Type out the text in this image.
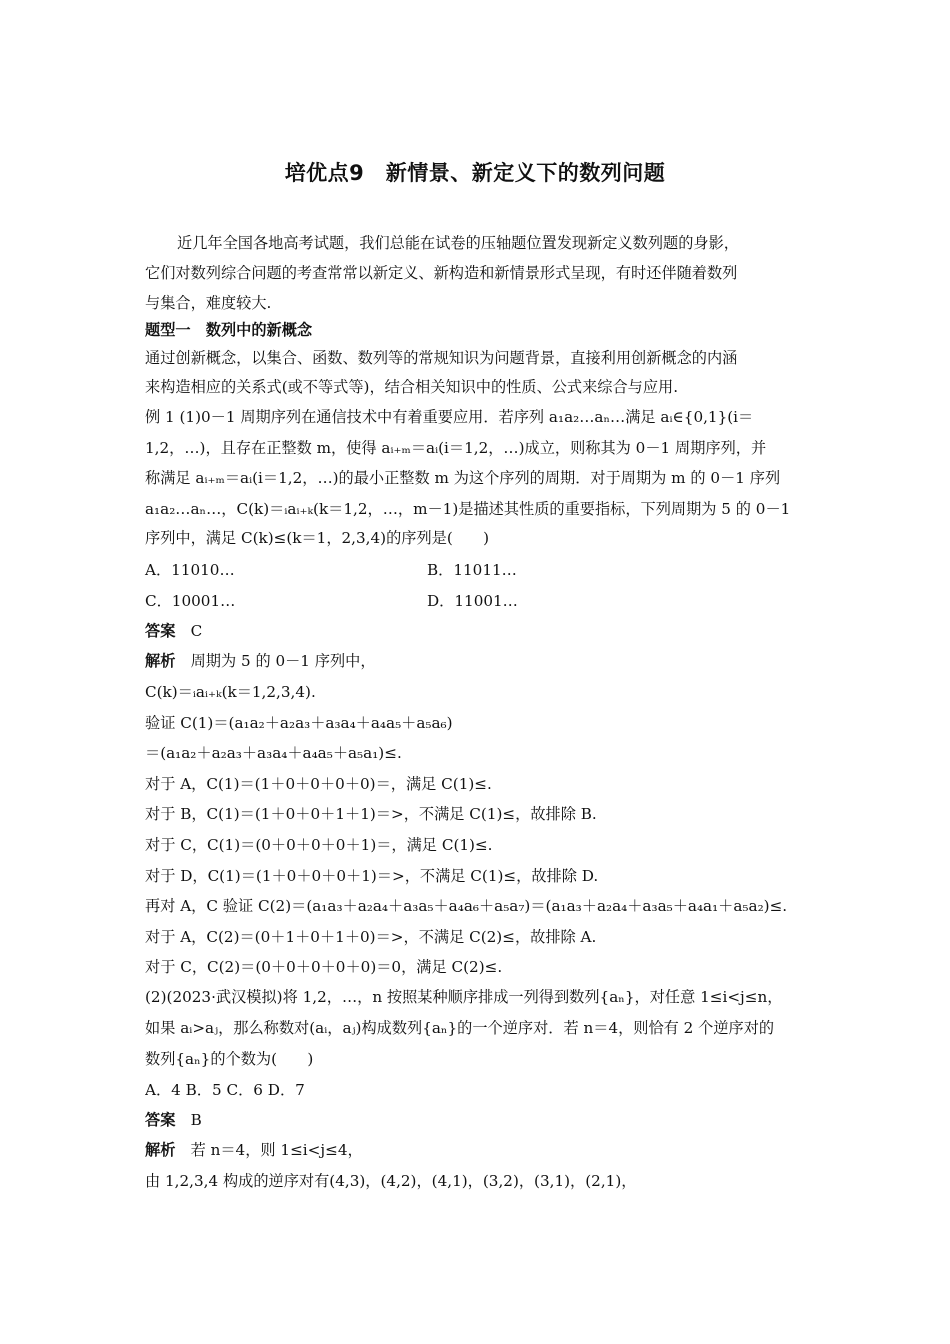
培优点9　新情景、新定义下的数列问题
近几年全国各地高考试题，我们总能在试卷的压轴题位置发现新定义数列题的身影，
它们对数列综合问题的考查常常以新定义、新构造和新情景形式呈现，有时还伴随着数列
与集合，难度较大.
题型一　数列中的新概念
通过创新概念，以集合、函数、数列等的常规知识为问题背景，直接利用创新概念的内涵
来构造相应的关系式(或不等式等)，结合相关知识中的性质、公式来综合与应用.
例 1 (1)0－1 周期序列在通信技术中有着重要应用．若序列 a₁a₂…aₙ…满足 aᵢ∈{0,1}(i＝
1,2，…)，且存在正整数 m，使得 aᵢ₊ₘ＝aᵢ(i＝1,2，…)成立，则称其为 0－1 周期序列，并
称满足 aᵢ₊ₘ＝aᵢ(i＝1,2，…)的最小正整数 m 为这个序列的周期．对于周期为 m 的 0－1 序列
a₁a₂…aₙ…，C(k)＝ᵢaᵢ₊ₖ(k＝1,2，…，m－1)是描述其性质的重要指标，下列周期为 5 的 0－1
序列中，满足 C(k)≤(k＝1，2,3,4)的序列是(　　)
A．11010…	B．11011…
C．10001…	D．11001…
答案　 C
解析　 周期为 5 的 0－1 序列中，
C(k)＝ᵢaᵢ₊ₖ(k＝1,2,3,4).
验证 C(1)＝(a₁a₂＋a₂a₃＋a₃a₄＋a₄a₅＋a₅a₆)
＝(a₁a₂＋a₂a₃＋a₃a₄＋a₄a₅＋a₅a₁)≤.
对于 A，C(1)＝(1＋0＋0＋0＋0)＝，满足 C(1)≤.
对于 B，C(1)＝(1＋0＋0＋1＋1)＝>，不满足 C(1)≤，故排除 B.
对于 C，C(1)＝(0＋0＋0＋0＋1)＝，满足 C(1)≤.
对于 D，C(1)＝(1＋0＋0＋0＋1)＝>，不满足 C(1)≤，故排除 D.
再对 A，C 验证 C(2)＝(a₁a₃＋a₂a₄＋a₃a₅＋a₄a₆＋a₅a₇)＝(a₁a₃＋a₂a₄＋a₃a₅＋a₄a₁＋a₅a₂)≤.
对于 A，C(2)＝(0＋1＋0＋1＋0)＝>，不满足 C(2)≤，故排除 A.
对于 C，C(2)＝(0＋0＋0＋0＋0)＝0，满足 C(2)≤.
(2)(2023·武汉模拟)将 1,2，…，n 按照某种顺序排成一列得到数列{aₙ}，对任意 1≤i<j≤n，
如果 aᵢ>aⱼ，那么称数对(aᵢ，aⱼ)构成数列{aₙ}的一个逆序对．若 n＝4，则恰有 2 个逆序对的
数列{aₙ}的个数为(　　)
A．4 B．5 C．6 D．7
答案　 B
解析　 若 n＝4，则 1≤i<j≤4，
由 1,2,3,4 构成的逆序对有(4,3)，(4,2)，(4,1)，(3,2)，(3,1)，(2,1)，
